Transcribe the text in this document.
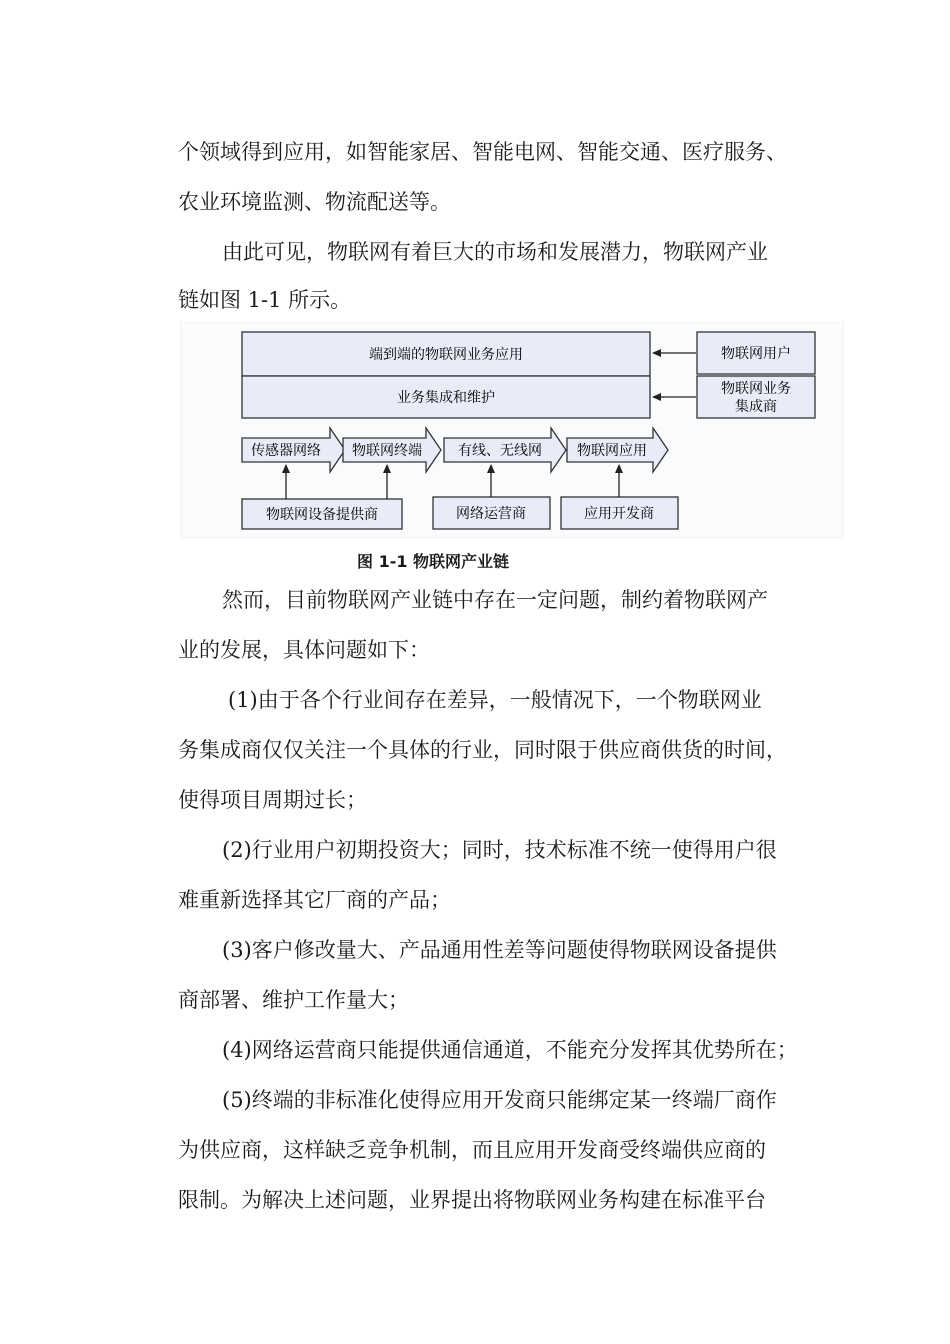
个领域得到应用，如智能家居、智能电网、智能交通、医疗服务、
农业环境监测、物流配送等。
由此可见，物联网有着巨大的市场和发展潜力，物联网产业
链如图 1-1 所示。
端到端的物联网业务应用
业务集成和维护
物联网用户
物联网业务
集成商
传感器网络 物联网终端	有线、无线网	物联网应用
物联网设备提供商	网络运营商	应用开发商
图 1-1 物联网产业链
然而，目前物联网产业链中存在一定问题，制约着物联网产
业的发展，具体问题如下：
(1)由于各个行业间存在差异，一般情况下，一个物联网业
务集成商仅仅关注一个具体的行业，同时限于供应商供货的时间，
使得项目周期过长；
(2)行业用户初期投资大；同时，技术标准不统一使得用户很
难重新选择其它厂商的产品；
(3)客户修改量大、产品通用性差等问题使得物联网设备提供
商部署、维护工作量大；
(4)网络运营商只能提供通信通道，不能充分发挥其优势所在；
(5)终端的非标准化使得应用开发商只能绑定某一终端厂商作
为供应商，这样缺乏竞争机制，而且应用开发商受终端供应商的
限制。为解决上述问题，业界提出将物联网业务构建在标准平台
